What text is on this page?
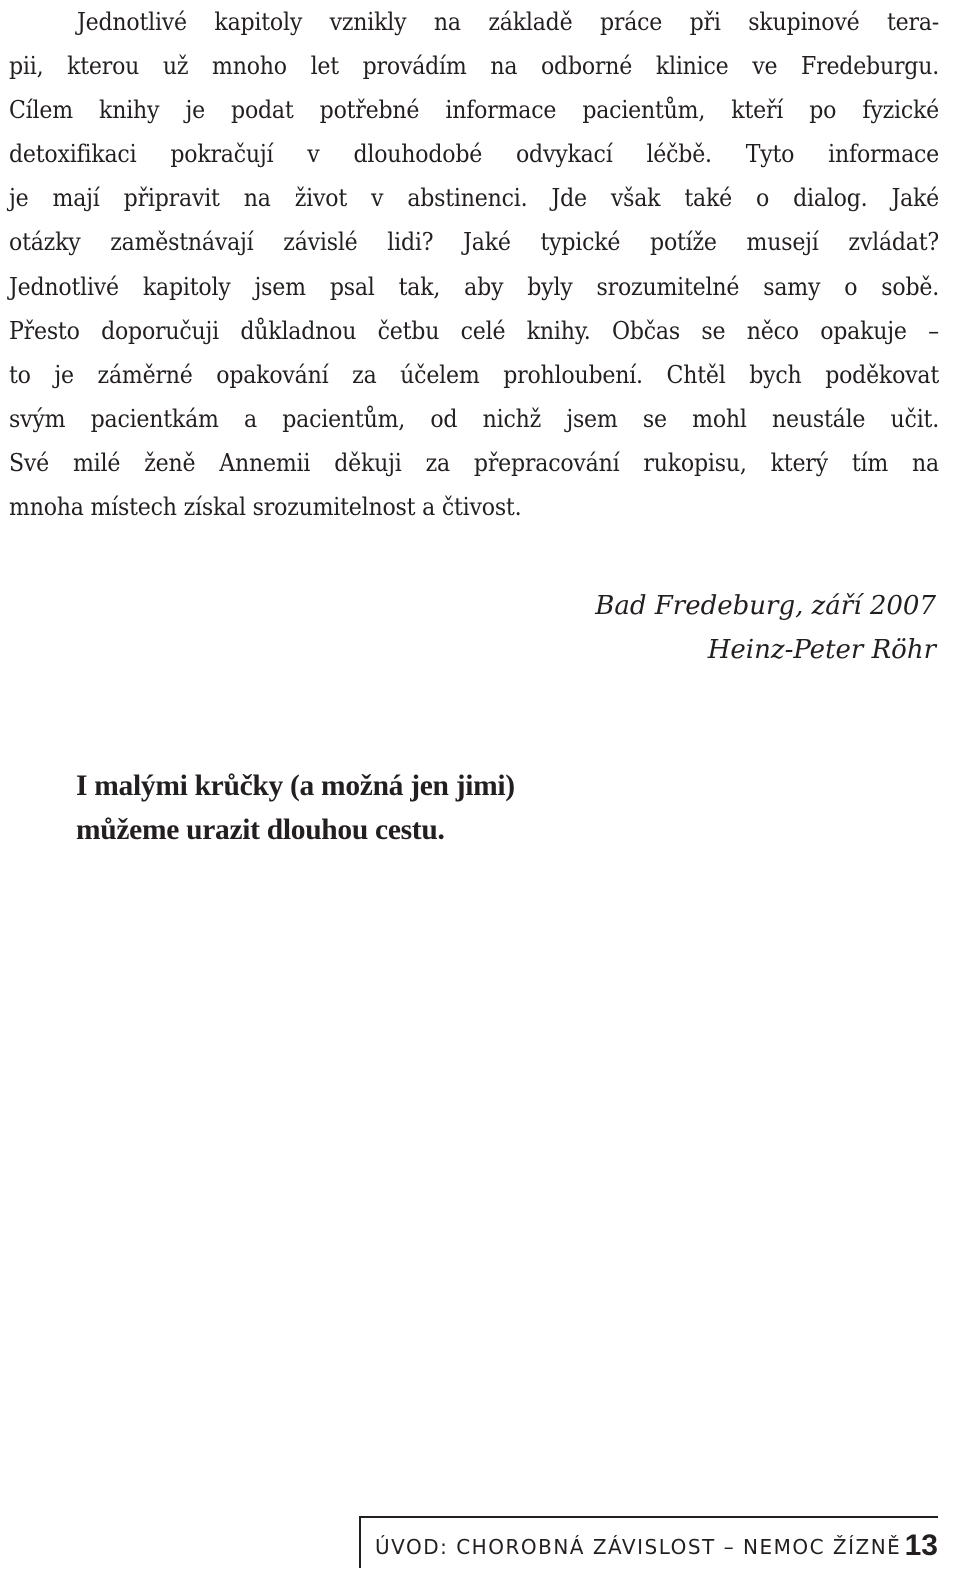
Jednotlivé kapitoly vznikly na základě práce při skupinové tera-
pii, kterou už mnoho let provádím na odborné klinice ve Fredeburgu.
Cílem knihy je podat potřebné informace pacientům, kteří po fyzické
detoxifikaci pokračují v dlouhodobé odvykací léčbě. Tyto informace
je mají připravit na život v abstinenci. Jde však také o dialog. Jaké
otázky zaměstnávají závislé lidi? Jaké typické potíže musejí zvládat?
Jednotlivé kapitoly jsem psal tak, aby byly srozumitelné samy o sobě.
Přesto doporučuji důkladnou četbu celé knihy. Občas se něco opakuje –
to je záměrné opakování za účelem prohloubení. Chtěl bych poděkovat
svým pacientkám a pacientům, od nichž jsem se mohl neustále učit.
Své milé ženě Annemii děkuji za přepracování rukopisu, který tím na
mnoha místech získal srozumitelnost a čtivost.
Bad Fredeburg, září 2007
Heinz-Peter Röhr
I malými krůčky (a možná jen jimi)
můžeme urazit dlouhou cestu.
ÚVOD: CHOROBNÁ ZÁVISLOST – NEMOC ŽÍZNĚ 13
